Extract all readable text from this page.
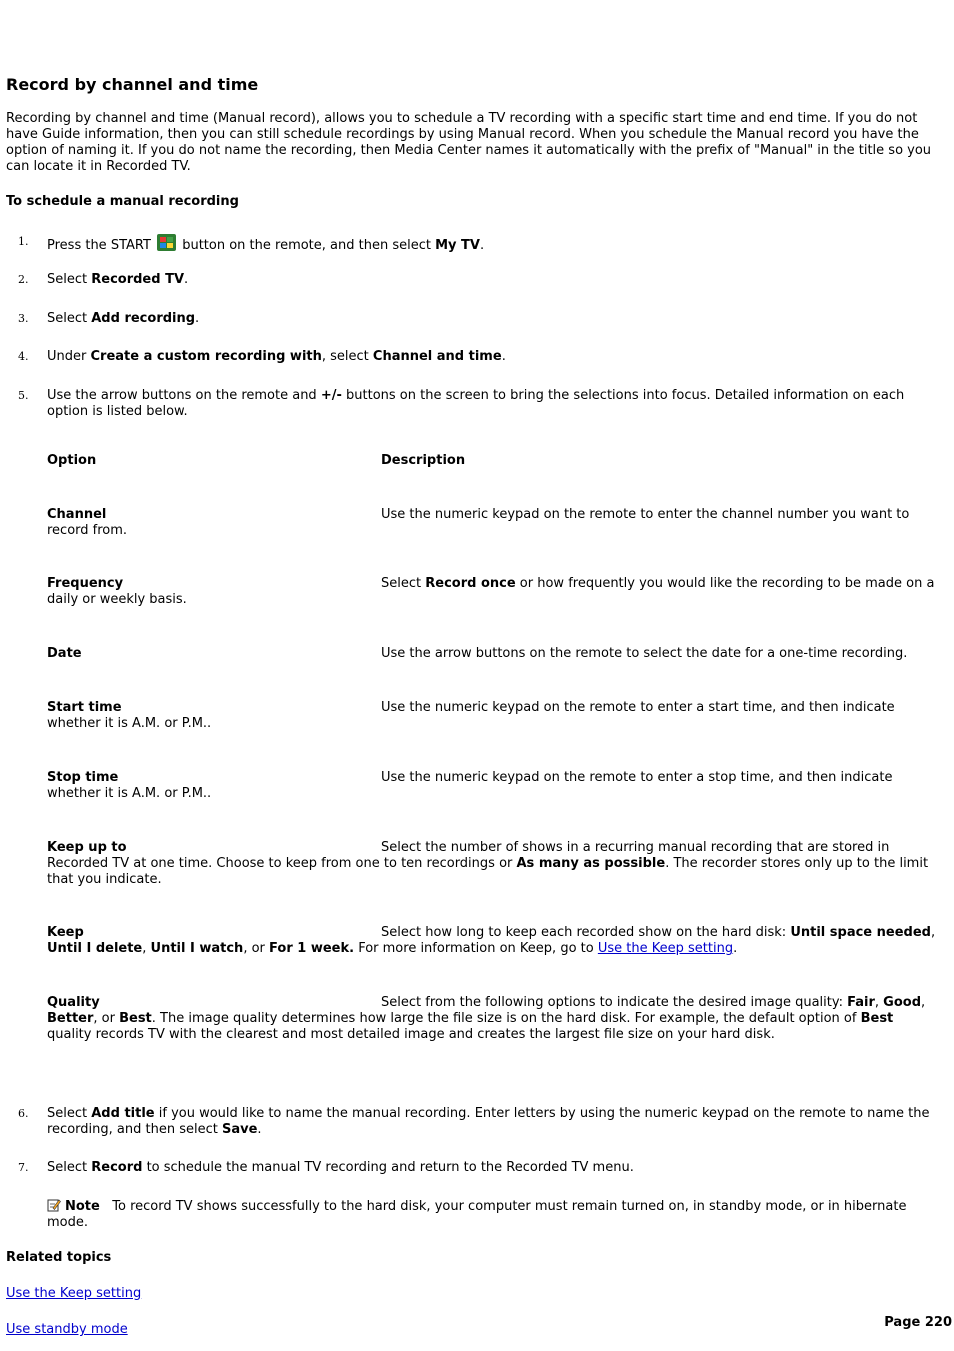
Record by channel and time

Recording by channel and time (Manual record), allows you to schedule a TV recording with a specific start time and end time. If you do not have Guide information, then you can still schedule recordings by using Manual record. When you schedule the Manual record you have the option of naming it. If you do not name the recording, then Media Center names it automatically with the prefix of "Manual" in the title so you can locate it in Recorded TV.

To schedule a manual recording

1. Press the START button on the remote, and then select My TV.
2. Select Recorded TV.
3. Select Add recording.
4. Under Create a custom recording with, select Channel and time.
5. Use the arrow buttons on the remote and +/- buttons on the screen to bring the selections into focus. Detailed information on each option is listed below.
Option	Description
Channel	Use the numeric keypad on the remote to enter the channel number you want to record from.
Frequency	Select Record once or how frequently you would like the recording to be made on a daily or weekly basis.
Date	Use the arrow buttons on the remote to select the date for a one-time recording.
Start time	Use the numeric keypad on the remote to enter a start time, and then indicate whether it is A.M. or P.M..
Stop time	Use the numeric keypad on the remote to enter a stop time, and then indicate whether it is A.M. or P.M..
Keep up to	Select the number of shows in a recurring manual recording that are stored in Recorded TV at one time. Choose to keep from one to ten recordings or As many as possible. The recorder stores only up to the limit that you indicate.
Keep	Select how long to keep each recorded show on the hard disk: Until space needed, Until I delete, Until I watch, or For 1 week. For more information on Keep, go to Use the Keep setting.
Quality	Select from the following options to indicate the desired image quality: Fair, Good, Better, or Best. The image quality determines how large the file size is on the hard disk. For example, the default option of Best quality records TV with the clearest and most detailed image and creates the largest file size on your hard disk.
6. Select Add title if you would like to name the manual recording. Enter letters by using the numeric keypad on the remote to name the recording, and then select Save.
7. Select Record to schedule the manual TV recording and return to the Recorded TV menu.
Note To record TV shows successfully to the hard disk, your computer must remain turned on, in standby mode, or in hibernate mode.
Related topics
Use the Keep setting
Use standby mode	Page 220
